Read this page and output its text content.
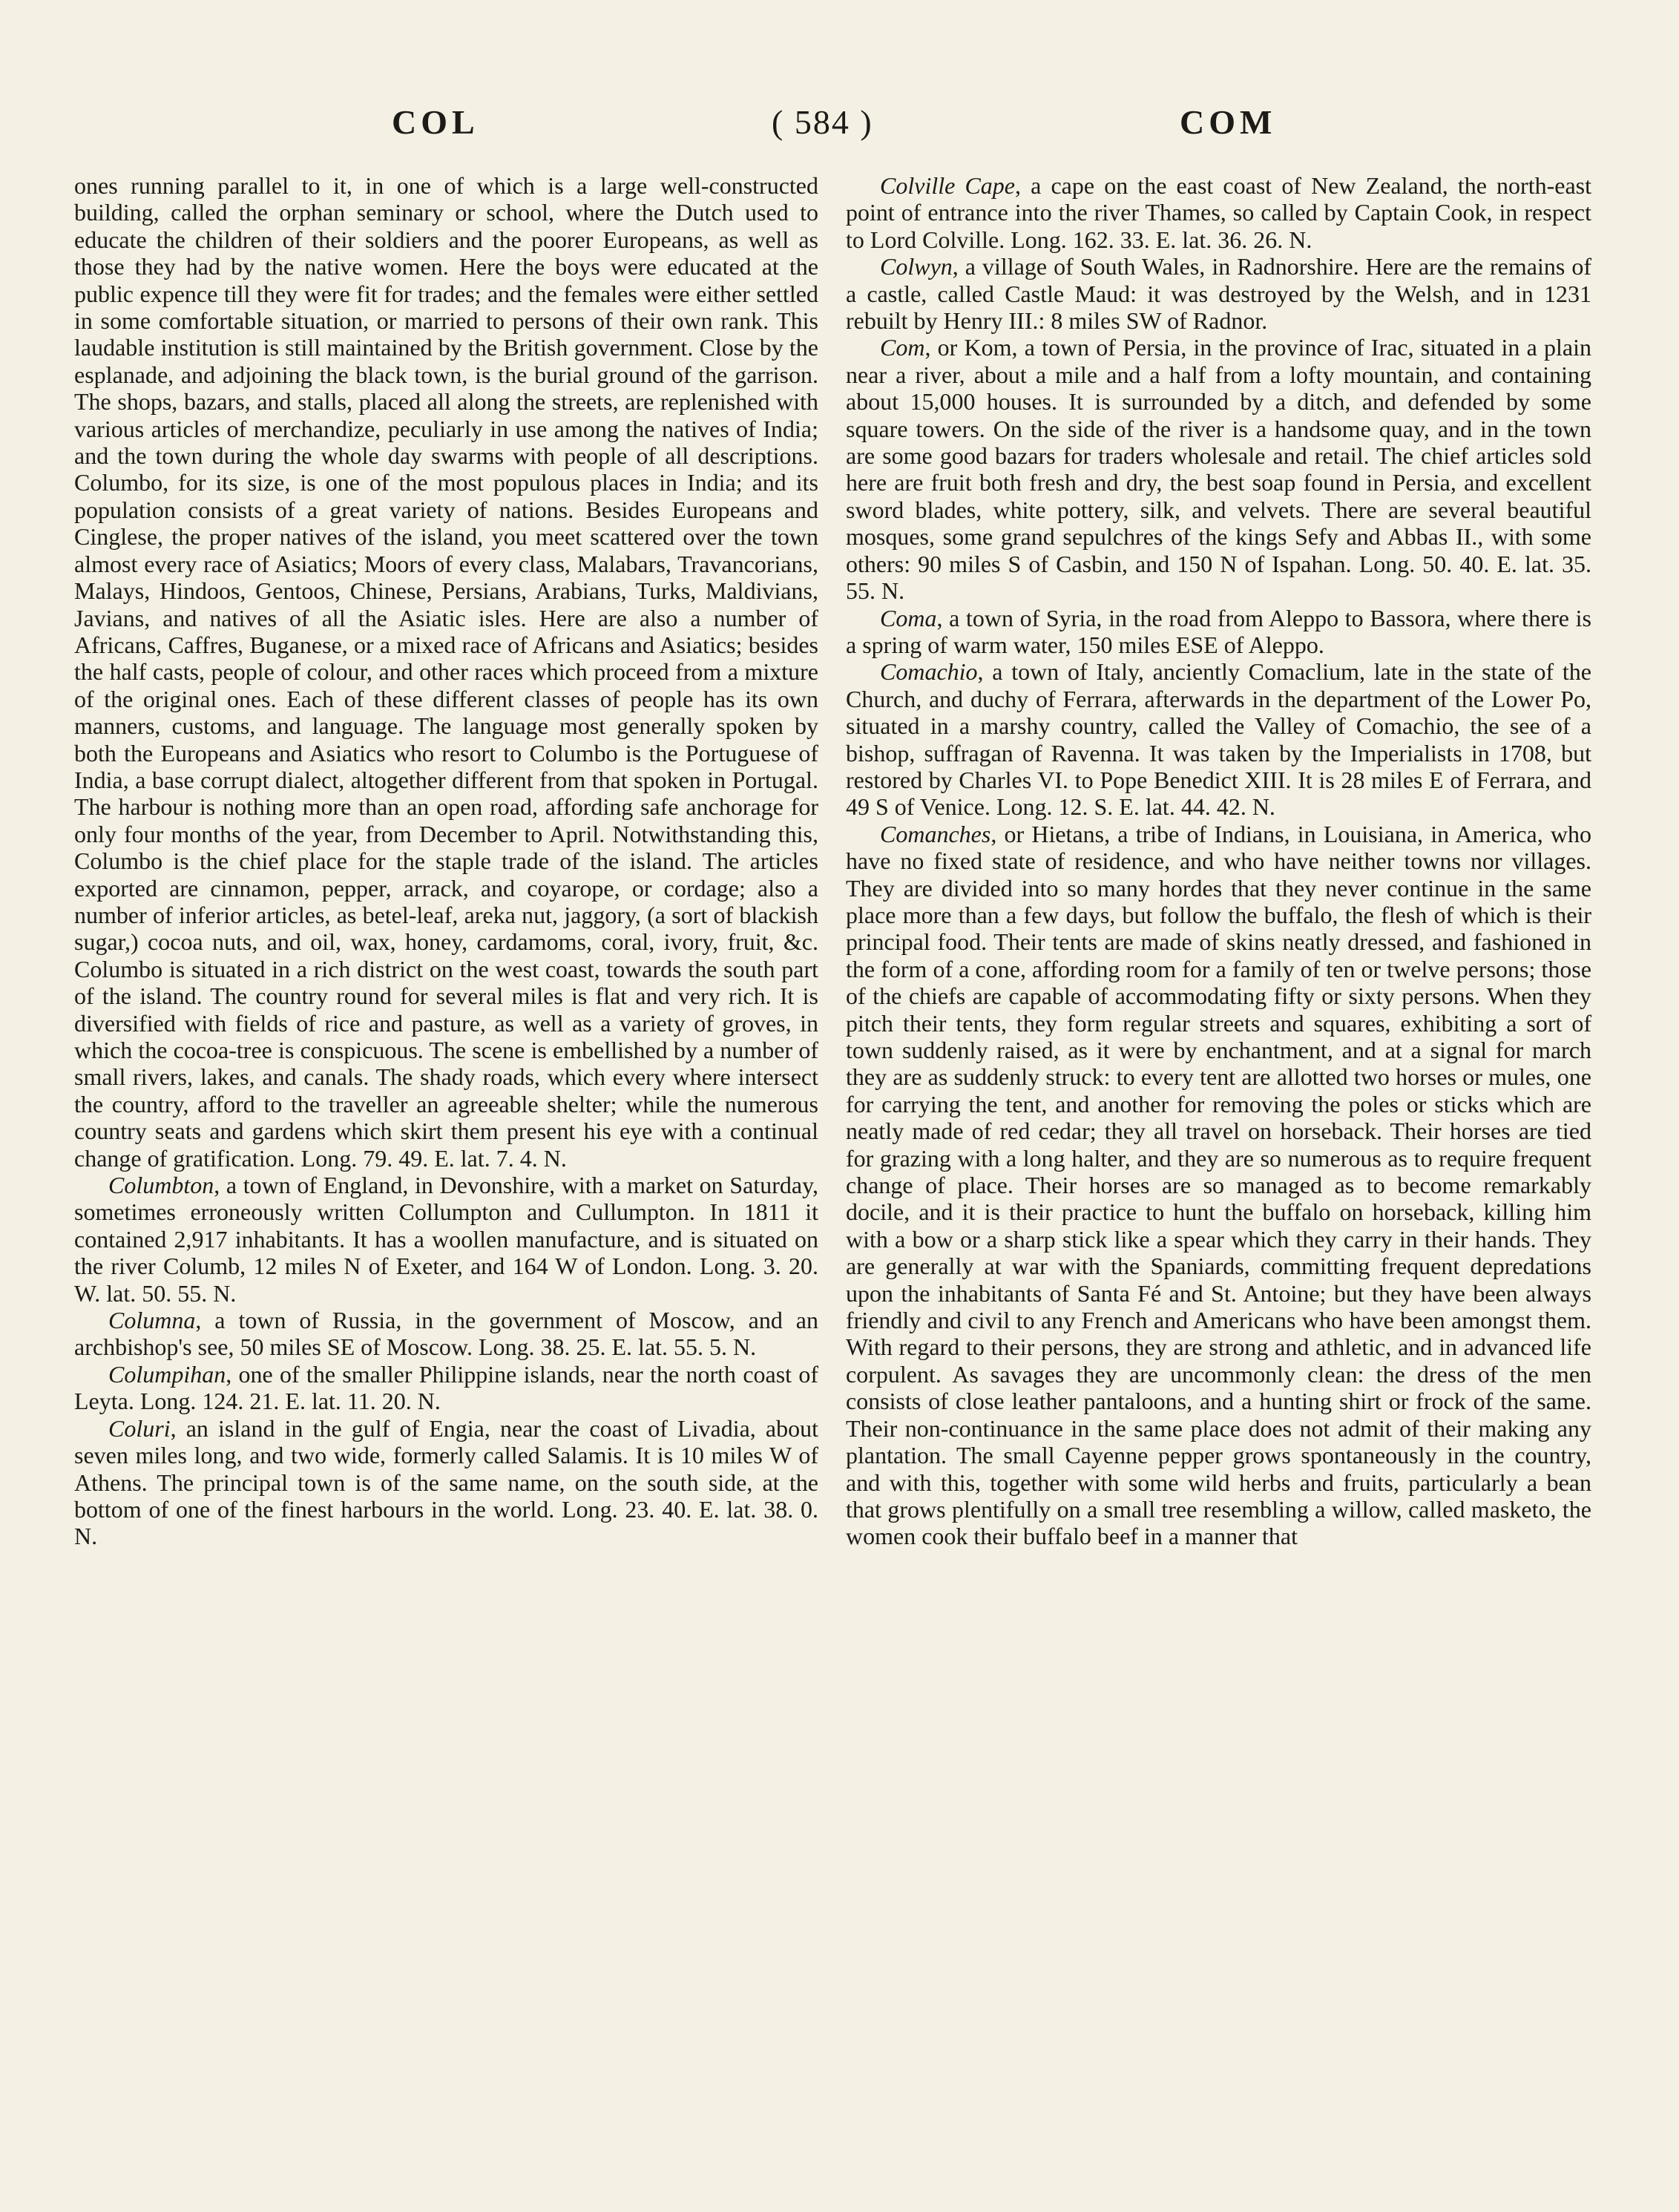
COL	( 584 )	COM

ones running parallel to it, in one of which is a large well-constructed building, called the orphan seminary or school, where the Dutch used to educate the children of their soldiers and the poorer Europeans, as well as those they had by the native women. Here the boys were educated at the public expence till they were fit for trades; and the females were either settled in some comfortable situation, or married to persons of their own rank. This laudable institution is still maintained by the British government. Close by the esplanade, and adjoining the black town, is the burial ground of the garrison. The shops, bazars, and stalls, placed all along the streets, are replenished with various articles of merchandize, peculiarly in use among the natives of India; and the town during the whole day swarms with people of all descriptions. Columbo, for its size, is one of the most populous places in India; and its population consists of a great variety of nations. Besides Europeans and Cinglese, the proper natives of the island, you meet scattered over the town almost every race of Asiatics; Moors of every class, Malabars, Travancorians, Malays, Hindoos, Gentoos, Chinese, Persians, Arabians, Turks, Maldivians, Javians, and natives of all the Asiatic isles. Here are also a number of Africans, Caffres, Buganese, or a mixed race of Africans and Asiatics; besides the half casts, people of colour, and other races which proceed from a mixture of the original ones. Each of these different classes of people has its own manners, customs, and language. The language most generally spoken by both the Europeans and Asiatics who resort to Columbo is the Portuguese of India, a base corrupt dialect, altogether different from that spoken in Portugal. The harbour is nothing more than an open road, affording safe anchorage for only four months of the year, from December to April. Notwithstanding this, Columbo is the chief place for the staple trade of the island. The articles exported are cinnamon, pepper, arrack, and coyarope, or cordage; also a number of inferior articles, as betel-leaf, areka nut, jaggory, (a sort of blackish sugar,) cocoa nuts, and oil, wax, honey, cardamoms, coral, ivory, fruit, &c. Columbo is situated in a rich district on the west coast, towards the south part of the island. The country round for several miles is flat and very rich. It is diversified with fields of rice and pasture, as well as a variety of groves, in which the cocoa-tree is conspicuous. The scene is embellished by a number of small rivers, lakes, and canals. The shady roads, which every where intersect the country, afford to the traveller an agreeable shelter; while the numerous country seats and gardens which skirt them present his eye with a continual change of gratification. Long. 79. 49. E. lat. 7. 4. N.

Columbton, a town of England, in Devonshire, with a market on Saturday, sometimes erroneously written Collumpton and Cullumpton. In 1811 it contained 2,917 inhabitants. It has a woollen manufacture, and is situated on the river Columb, 12 miles N of Exeter, and 164 W of London. Long. 3. 20. W. lat. 50. 55. N.

Columna, a town of Russia, in the government of Moscow, and an archbishop's see, 50 miles SE of Moscow. Long. 38. 25. E. lat. 55. 5. N.

Columpihan, one of the smaller Philippine islands, near the north coast of Leyta. Long. 124. 21. E. lat. 11. 20. N.

Coluri, an island in the gulf of Engia, near the coast of Livadia, about seven miles long, and two wide, formerly called Salamis. It is 10 miles W of Athens. The principal town is of the same name, on the south side, at the bottom of one of the finest harbours in the world. Long. 23. 40. E. lat. 38. 0. N.

Colville Cape, a cape on the east coast of New Zealand, the north-east point of entrance into the river Thames, so called by Captain Cook, in respect to Lord Colville. Long. 162. 33. E. lat. 36. 26. N.

Colwyn, a village of South Wales, in Radnorshire. Here are the remains of a castle, called Castle Maud: it was destroyed by the Welsh, and in 1231 rebuilt by Henry III.: 8 miles SW of Radnor.

Com, or Kom, a town of Persia, in the province of Irac, situated in a plain near a river, about a mile and a half from a lofty mountain, and containing about 15,000 houses. It is surrounded by a ditch, and defended by some square towers. On the side of the river is a handsome quay, and in the town are some good bazars for traders wholesale and retail. The chief articles sold here are fruit both fresh and dry, the best soap found in Persia, and excellent sword blades, white pottery, silk, and velvets. There are several beautiful mosques, some grand sepulchres of the kings Sefy and Abbas II., with some others: 90 miles S of Casbin, and 150 N of Ispahan. Long. 50. 40. E. lat. 35. 55. N.

Coma, a town of Syria, in the road from Aleppo to Bassora, where there is a spring of warm water, 150 miles ESE of Aleppo.

Comachio, a town of Italy, anciently Comaclium, late in the state of the Church, and duchy of Ferrara, afterwards in the department of the Lower Po, situated in a marshy country, called the Valley of Comachio, the see of a bishop, suffragan of Ravenna. It was taken by the Imperialists in 1708, but restored by Charles VI. to Pope Benedict XIII. It is 28 miles E of Ferrara, and 49 S of Venice. Long. 12. S. E. lat. 44. 42. N.

Comanches, or Hietans, a tribe of Indians, in Louisiana, in America, who have no fixed state of residence, and who have neither towns nor villages. They are divided into so many hordes that they never continue in the same place more than a few days, but follow the buffalo, the flesh of which is their principal food. Their tents are made of skins neatly dressed, and fashioned in the form of a cone, affording room for a family of ten or twelve persons; those of the chiefs are capable of accommodating fifty or sixty persons. When they pitch their tents, they form regular streets and squares, exhibiting a sort of town suddenly raised, as it were by enchantment, and at a signal for march they are as suddenly struck: to every tent are allotted two horses or mules, one for carrying the tent, and another for removing the poles or sticks which are neatly made of red cedar; they all travel on horseback. Their horses are tied for grazing with a long halter, and they are so numerous as to require frequent change of place. Their horses are so managed as to become remarkably docile, and it is their practice to hunt the buffalo on horseback, killing him with a bow or a sharp stick like a spear which they carry in their hands. They are generally at war with the Spaniards, committing frequent depredations upon the inhabitants of Santa Fé and St. Antoine; but they have been always friendly and civil to any French and Americans who have been amongst them. With regard to their persons, they are strong and athletic, and in advanced life corpulent. As savages they are uncommonly clean: the dress of the men consists of close leather pantaloons, and a hunting shirt or frock of the same. Their non-continuance in the same place does not admit of their making any plantation. The small Cayenne pepper grows spontaneously in the country, and with this, together with some wild herbs and fruits, particularly a bean that grows plentifully on a small tree resembling a willow, called masketo, the women cook their buffalo beef in a manner that
